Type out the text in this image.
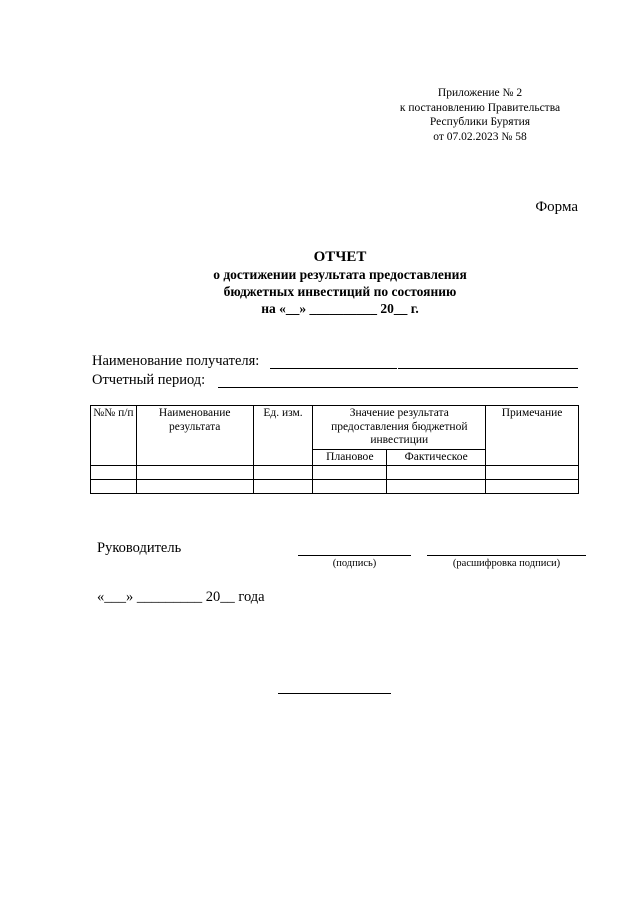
Приложение № 2
к постановлению Правительства
Республики Бурятия
от 07.02.2023 № 58
Форма
ОТЧЕТ
о достижении результата предоставления
бюджетных инвестиций по состоянию
на «__» __________ 20__ г.
Наименование получателя:
Отчетный период:
№№ п/п	Наименование результата	Ед. изм.	Значение результата предоставления бюджетной инвестиции		Примечание
			Плановое	Фактическое	

Руководитель
(подпись)	(расшифровка подписи)
«___» _________ 20__ года
